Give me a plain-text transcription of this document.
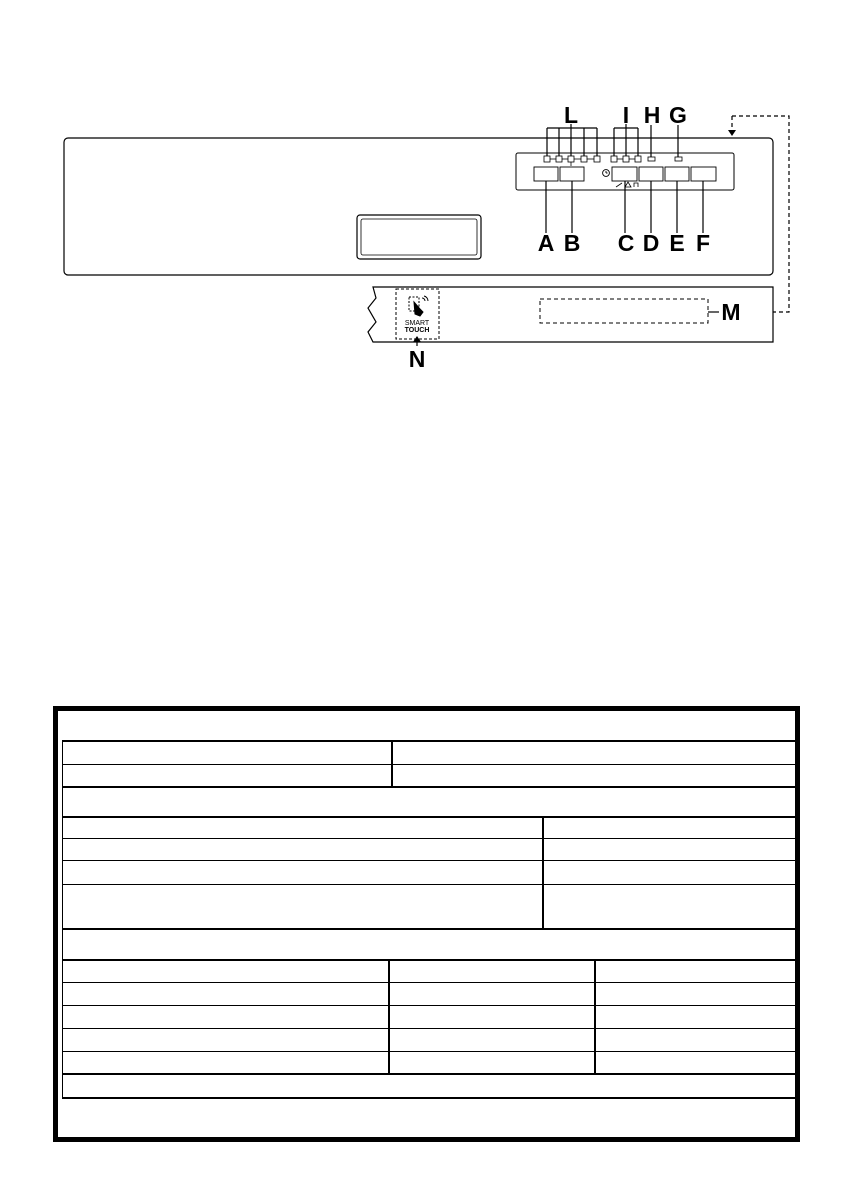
L I H G
A B C D E F
M
SMART
TOUCH
N
